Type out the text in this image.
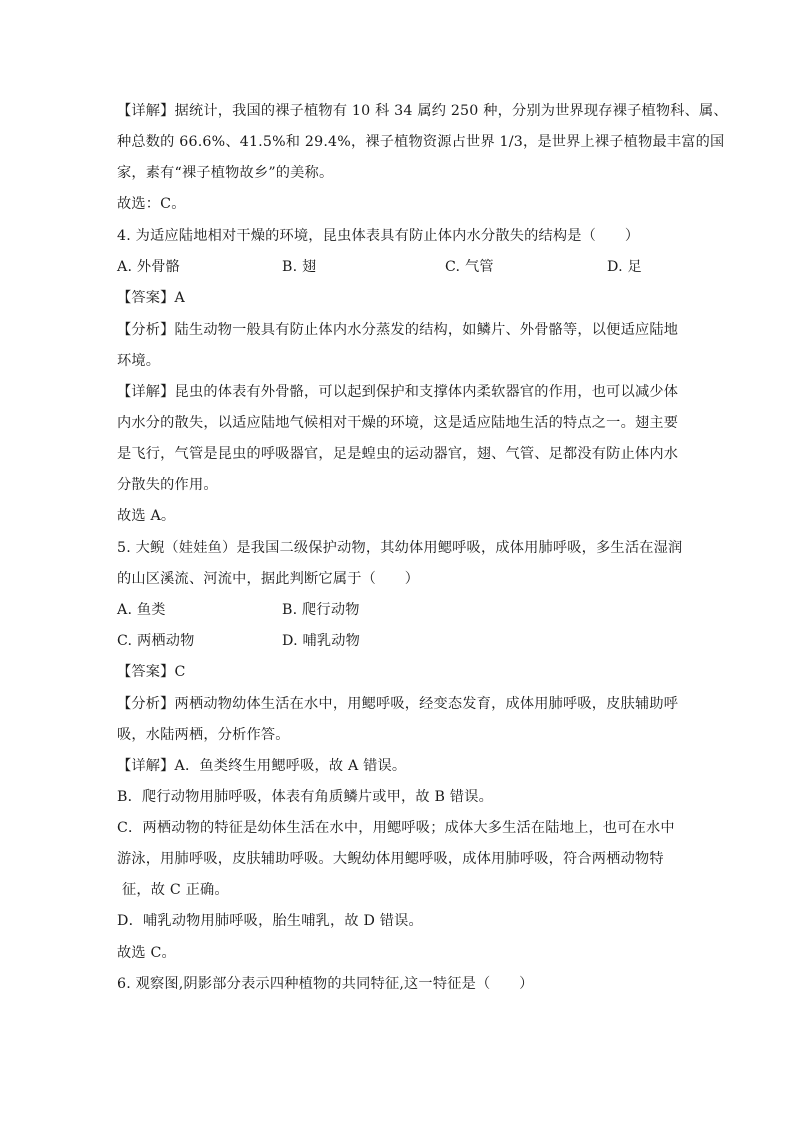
【详解】据统计，我国的裸子植物有 10 科 34 属约 250 种，分别为世界现存裸子植物科、属、
种总数的 66.6%、41.5%和 29.4%，裸子植物资源占世界 1/3，是世界上裸子植物最丰富的国
家，素有“裸子植物故乡”的美称。
故选：C。
4. 为适应陆地相对干燥的环境，昆虫体表具有防止体内水分散失的结构是（　　）
A. 外骨骼	B. 翅	C. 气管	D. 足
【答案】A
【分析】陆生动物一般具有防止体内水分蒸发的结构，如鳞片、外骨骼等，以便适应陆地
环境。
【详解】昆虫的体表有外骨骼，可以起到保护和支撑体内柔软器官的作用，也可以减少体
内水分的散失，以适应陆地气候相对干燥的环境，这是适应陆地生活的特点之一。翅主要
是飞行，气管是昆虫的呼吸器官，足是蝗虫的运动器官，翅、气管、足都没有防止体内水
分散失的作用。
故选 A。
5. 大鲵（娃娃鱼）是我国二级保护动物，其幼体用鳃呼吸，成体用肺呼吸，多生活在湿润
的山区溪流、河流中，据此判断它属于（　　）
A. 鱼类	B. 爬行动物
C. 两栖动物	D. 哺乳动物
【答案】C
【分析】两栖动物幼体生活在水中，用鳃呼吸，经变态发育，成体用肺呼吸，皮肤辅助呼
吸，水陆两栖，分析作答。
【详解】A．鱼类终生用鳃呼吸，故 A 错误。
B．爬行动物用肺呼吸，体表有角质鳞片或甲，故 B 错误。
C．两栖动物的特征是幼体生活在水中，用鳃呼吸；成体大多生活在陆地上，也可在水中
游泳，用肺呼吸，皮肤辅助呼吸。大鲵幼体用鳃呼吸，成体用肺呼吸，符合两栖动物特
征，故 C 正确。
D．哺乳动物用肺呼吸，胎生哺乳，故 D 错误。
故选 C。
6. 观察图,阴影部分表示四种植物的共同特征,这一特征是（　　）
